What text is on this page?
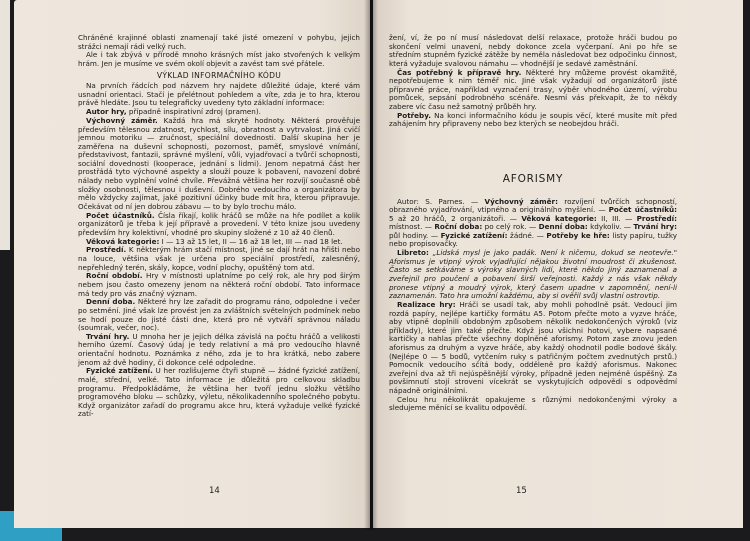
Chráněné krajinné oblasti znamenají také jisté omezení v pohybu, jejich strážci nemají rádi velký ruch.

Ale i tak zbývá v přírodě mnoho krásných míst jako stvořených k velkým hrám. Jen je musíme ve svém okolí objevit a zavést tam své přátele.

VÝKLAD INFORMAČNÍHO KÓDU

Na prvních řádcích pod názvem hry najdete důležité údaje, které vám usnadní orientaci. Stačí je přelétnout pohledem a víte, zda je to hra, kterou právě hledáte. Jsou tu telegraficky uvedeny tyto základní informace:

Autor hry, případně inspirativní zdroj (pramen).

Výchovný záměr. Každá hra má skryté hodnoty. Některá prověřuje především tělesnou zdatnost, rychlost, sílu, obratnost a vytrvalost. Jiná cvičí jemnou motoriku — zručnost, speciální dovednosti. Další skupina her je zaměřena na duševní schopnosti, pozornost, paměť, smyslové vnímání, představivost, fantazii, správné myšlení, vůli, vyjadřovací a tvůrčí schopnosti, sociální dovednosti (kooperace, jednání s lidmi). Jenom nepatrná část her prostřádá tyto výchovné aspekty a slouží pouze k pobavení, navození dobré nálady nebo vyplnění volné chvíle. Převážná většina her rozvíjí současně obě složky osobnosti, tělesnou i duševní. Dobrého vedoucího a organizátora by mělo vždycky zajímat, jaké pozitivní účinky bude mít hra, kterou připravuje. Očekávat od ní jen dobrou zábavu — to by bylo trochu málo.

Počet účastníků. Čísla říkají, kolik hráčů se může na hře podílet a kolik organizátorů je třeba k její přípravě a provedení. V této knize jsou uvedeny především hry kolektivní, vhodné pro skupiny složené z 10 až 40 členů.

Věková kategorie: I — 13 až 15 let, II — 16 až 18 let, III — nad 18 let.

Prostředí. K některým hrám stačí místnost, jiné se dají hrát na hřišti nebo na louce, většina však je určena pro speciální prostředí, zalesněný, nepřehledný terén, skály, kopce, vodní plochy, opuštěný tom atd.

Roční období. Hry v místnosti uplatníme po celý rok, ale hry pod širým nebem jsou často omezeny jenom na některá roční období. Tato informace má tedy pro vás značný význam.

Denní doba. Některé hry lze zařadit do programu ráno, odpoledne i večer po setmění. Jiné však lze provést jen za zvláštních světelných podmínek nebo se hodí pouze do jisté části dne, která pro ně vytváří správnou náladu (soumrak, večer, noc).

Trvání hry. U mnoha her je jejich délka závislá na počtu hráčů a velikosti herního území. Časový údaj je tedy relativní a má pro vedoucího hlavně orientační hodnotu. Poznámka z něho, zda je to hra krátká, nebo zabere jenom až dvě hodiny, či dokonce celé odpoledne.

Fyzické zatížení. U her rozlišujeme čtyři stupně — žádné fyzické zatížení, malé, střední, velké. Tato informace je důležitá pro celkovou skladbu programu. Předpokládáme, že většina her tvoří jednu složku většího programového bloku — schůzky, výletu, několikadenního společného pobytu. Když organizátor zařadí do programu akce hru, která vyžaduje velké fyzické zatí-

14

žení, ví, že po ní musí následovat delší relaxace, protože hráči budou po skončení velmi unavení, nebdy dokonce zcela vyčerpaní. Ani po hře se středním stupněm fyzické zátěže by neměla následovat bez odpočinku činnost, která vyžaduje svalovou námahu — vhodnější je sedavé zaměstnání.

Čas potřebný k přípravě hry. Některé hry můžeme provést okamžitě, nepotřebujeme k nim téměř nic. Jiné však vyžadují od organizátorů jisté přípravné práce, například vyznačení trasy, výběr vhodného území, výrobu pomůcek, sepsání podrobného scénáře. Nesmí vás překvapit, že to někdy zabere víc času než samotný průběh hry.

Potřeby. Na konci informačního kódu je soupis věcí, které musíte mít před zahájením hry připraveny nebo bez kterých se neobejdou hráči.

AFORISMY

Autor: S. Parnes. — Výchovný záměr: rozvíjení tvůrčích schopností, obrazného vyjadřování, vtipného a originálního myšlení. — Počet účastníků: 5 až 20 hráčů, 2 organizátoři. — Věková kategorie: II, III. — Prostředí: místnost. — Roční doba: po celý rok. — Denní doba: kdykoliv. — Trvání hry: půl hodiny. — Fyzické zatížení: žádné. — Potřeby ke hře: listy papíru, tužky nebo propisovačky.

Libreto: „Lidská mysl je jako padák. Není k ničemu, dokud se neotevře." Aforismus je vtipný výrok vyjadřující nějakou životní moudrost či zkušenost. Často se setkáváme s výroky slavných lidí, které někdo jiný zaznamenal a zveřejnil pro poučení a pobavení širší veřejnosti. Každý z nás však někdy pronese vtipný a moudrý výrok, který časem upadne v zapomnění, není-li zaznamenán. Tato hra umožní každému, aby si ověřil svůj vlastní ostrovtip.

Realizace hry: Hráči se usadí tak, aby mohli pohodlně psát. Vedoucí jim rozdá papíry, nejlépe kartičky formátu A5. Potom přečte moto a vyzve hráče, aby vtipně doplnili obdobným způsobem několik nedokončených výroků (viz příklady), které jim také přečte. Když jsou všichni hotovi, vybere napsané kartičky a nahlas přečte všechny doplněné aforismy. Potom zase znovu jeden aforismus za druhým a vyzve hráče, aby každý ohodnotil podle bodové škály. (Nejlépe 0 — 5 bodů, vytčením ruky s patřičným počtem zvednutých prstů.) Pomocník vedoucího sčítá body, odděleně pro každý aforismus. Nakonec zveřejní dva až tři nejúspěšnější výroky, případně jeden nejméně úspěšný. Za povšimnutí stojí stroveni vícekrát se vyskytujících odpovědí s odpovědmí nápadně originálními.

Celou hru několikrát opakujeme s různými nedokončenými výroky a sledujeme měnící se kvalitu odpovědí.

15
